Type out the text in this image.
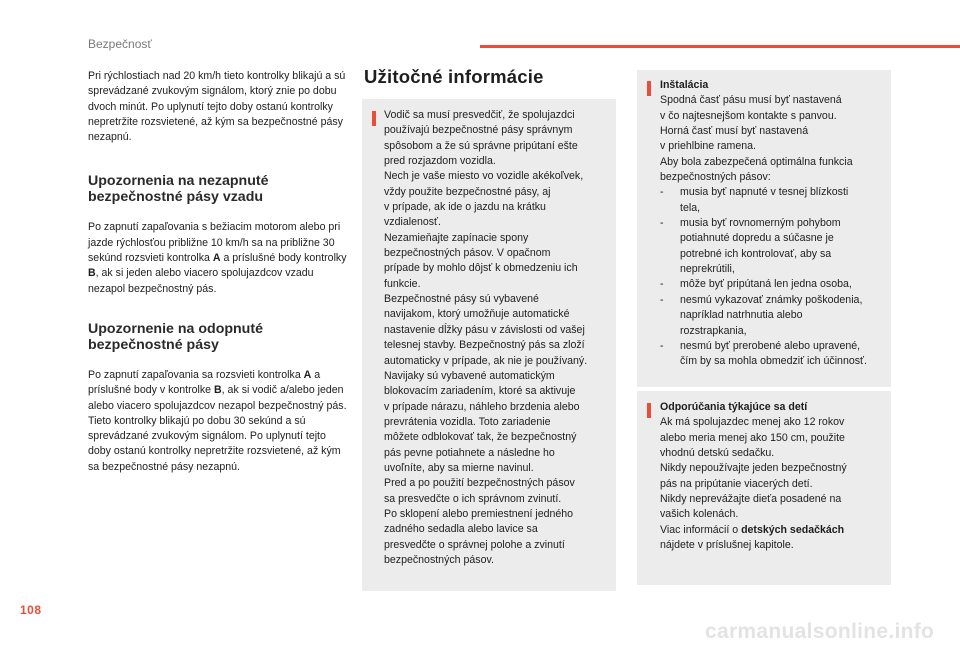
Bezpečnosť

Pri rýchlostiach nad 20 km/h tieto kontrolky blikajú a sú sprevádzané zvukovým signálom, ktorý znie po dobu dvoch minút. Po uplynutí tejto doby ostanú kontrolky nepretržite rozsvietené, až kým sa bezpečnostné pásy nezapnú.

Upozornenia na nezapnuté
bezpečnostné pásy vzadu

Po zapnutí zapaľovania s bežiacim motorom alebo pri jazde rýchlosťou približne 10 km/h sa na približne 30 sekúnd rozsvieti kontrolka A a príslušné body kontrolky B, ak si jeden alebo viacero spolujazdcov vzadu nezapol bezpečnostný pás.

Upozornenie na odopnuté
bezpečnostné pásy

Po zapnutí zapaľovania sa rozsvieti kontrolka A a príslušné body v kontrolke B, ak si vodič a/alebo jeden alebo viacero spolujazdcov nezapol bezpečnostný pás.

Tieto kontrolky blikajú po dobu 30 sekúnd a sú sprevádzané zvukovým signálom. Po uplynutí tejto doby ostanú kontrolky nepretržite rozsvietené, až kým sa bezpečnostné pásy nezapnú.

Užitočné informácie

Vodič sa musí presvedčiť, že spolujazdci

používajú bezpečnostné pásy správnym

spôsobom a že sú správne pripútaní ešte

pred rozjazdom vozidla.

Nech je vaše miesto vo vozidle akékoľvek,

vždy použite bezpečnostné pásy, aj

v prípade, ak ide o jazdu na krátku

vzdialenosť.

Nezamieňajte zapínacie spony

bezpečnostných pásov. V opačnom

prípade by mohlo dôjsť k obmedzeniu ich

funkcie.

Bezpečnostné pásy sú vybavené

navijakom, ktorý umožňuje automatické

nastavenie dĺžky pásu v závislosti od vašej

telesnej stavby. Bezpečnostný pás sa zloží

automaticky v prípade, ak nie je používaný.

Navijaky sú vybavené automatickým

blokovacím zariadením, ktoré sa aktivuje

v prípade nárazu, náhleho brzdenia alebo

prevrátenia vozidla. Toto zariadenie

môžete odblokovať tak, že bezpečnostný

pás pevne potiahnete a následne ho

uvoľníte, aby sa mierne navinul.

Pred a po použití bezpečnostných pásov

sa presvedčte o ich správnom zvinutí.

Po sklopení alebo premiestnení jedného

zadného sedadla alebo lavice sa

presvedčte o správnej polohe a zvinutí

bezpečnostných pásov.

Inštalácia

Spodná časť pásu musí byť nastavená

v čo najtesnejšom kontakte s panvou.

Horná časť musí byť nastavená

v priehlbine ramena.

Aby bola zabezpečená optimálna funkcia

bezpečnostných pásov:

- musia byť napnuté v tesnej blízkosti

tela,

- musia byť rovnomerným pohybom

potiahnuté dopredu a súčasne je

potrebné ich kontrolovať, aby sa

neprekrútili,

- môže byť pripútaná len jedna osoba,

- nesmú vykazovať známky poškodenia,

napríklad natrhnutia alebo

rozstrapkania,

- nesmú byť prerobené alebo upravené,

čím by sa mohla obmedziť ich účinnosť.

Odporúčania týkajúce sa detí

Ak má spolujazdec menej ako 12 rokov

alebo meria menej ako 150 cm, použite

vhodnú detskú sedačku.

Nikdy nepoužívajte jeden bezpečnostný

pás na pripútanie viacerých detí.

Nikdy neprevážajte dieťa posadené na

vašich kolenách.

Viac informácií o detských sedačkách

nájdete v príslušnej kapitole.

108
carmanualsonline.info
